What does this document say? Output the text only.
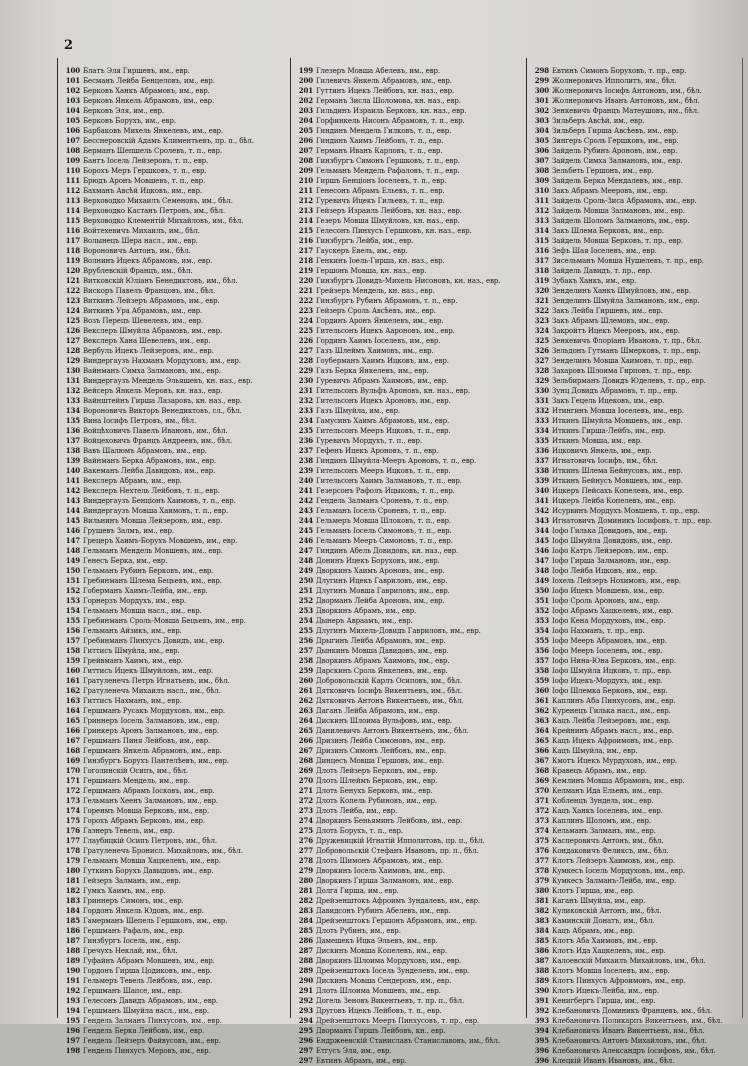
2
100 Блатъ Эля Гиршевъ, им., евр.
101 Бесманъ Лейба Бенцеловъ, им., евр.
102 Берковъ Ханкъ Абрамовъ, им., евр.
103 Берковъ Янкель Абрамовъ, им., евр.
104 Берковъ Эля, им., евр.
105 Берковъ Борухъ, им., евр.
106 Барбаковъ Михель Янкелевъ, им., евр.
107 Бесснеровскій Адамъ Климентьевъ, пр. п., бѣл.
108 Берманъ Шепшель Сролевъ, т. п., евр.
109 Бантъ Іосель Лейзеровъ, т. п., евр.
110 Борохъ Меръ Гершковъ, т. п., евр.
111 Брюдъ Аронъ Мовшевъ, т. п., евр.
112 Бахманъ Авсѣй Ицковъ, им., евр.
113 Верховодко Михаилъ Семеновъ, им., бѣл.
114 Верховодко Кастанъ Петровъ, им., бѣл.
115 Верховодко Клементій Михайловъ, им., бѣл.
116 Войтехевичъ Михаилъ, им., бѣл.
117 Волынецъ Шера насл., им., евр.
118 Вороновичъ Антонъ, им., бѣл.
119 Волнинъ Ицекъ Абрамовъ, им., евр.
120 Врублевскій Францъ, им., бѣл.
121 Витковскій Юліанъ Бенедиктовъ, им., бѣл.
122 Вискоръ Павелъ Францовъ, им., бѣл.
123 Виткинъ Лейзеръ Абрамовъ, им., евр.
124 Виткинъ Ура Абрамовъ, им., евр.
125 Возъ Перецъ Шевелевъ, им., евр.
126 Векслеръ Шмуйла Абрамовъ, им., евр.
127 Векслеръ Хана Шевелевъ, им., евр.
128 Вербуль Ицекъ Лейзеровъ, им., евр.
129 Виндергаузъ Нахманъ Мордуховъ, им., евр.
130 Вайнманъ Симха Залмановъ, им., евр.
131 Виндергаузъ Мендель Эльяшевъ, кн. наз., евр.
132 Вейсеръ Янкель Меровъ, кн. наз., евр.
133 Вайнштейнъ Гирша Лазаровъ, кн. наз., евр.
134 Вороновичъ Викторъ Венедиктовъ, сл., бѣл.
135 Вина Іосифъ Петровъ, им., бѣл.
136 Войцѣховичъ Павелъ Ивановъ, им., бѣл.
137 Войцеховичъ Францъ Андреевъ, им., бѣл.
138 Вавъ Шалюмъ Абрамовъ, им., евр.
139 Вайнманъ Берка Абрамовъ, им., евр.
140 Вакеманъ Лейба Давидовъ, им., евр.
141 Векслеръ Абрамъ, им., евр.
142 Векслеръ Нехтель Лейбовъ, т. п., евр.
143 Виндергаузъ Бенціонъ Хаимовъ, т. п., евр.
144 Виндергаузъ Мовша Хаимовъ, т. п., евр.
145 Вильнинъ Мовша Лейзеровъ, им., евр.
146 Грушевъ Залмъ, им., евр.
147 Грецеръ Хаимъ-Борухъ Мовшевъ, им., евр.
148 Гельманъ Мендель Мовшевъ, им., евр.
149 Генесъ Берка, им., евр.
150 Гельманъ Рубинъ Берковъ, им., евр.
151 Гребинманъ Шлема Бецьевъ, им., евр.
152 Гоберманъ Хаимъ-Лейба, им., евр.
153 Горнерзъ Мордухъ, им., евр.
154 Гельманъ Мовша насл., им., евр.
155 Гребинманъ Сроль-Мовша Бецьевъ, им., евр.
156 Гельманъ Айзикъ, им., евр.
157 Гребинманъ Пинхусъ Довидъ, им., евр.
158 Гиттисъ Шмуйла, им., евр.
159 Грейвманъ Хаимъ, им., евр.
160 Гиттисъ Ицекъ Шмуйловъ, им., евр.
161 Гратуленечъ Петръ Игнатьевъ, им., бѣл.
162 Гратуленечъ Михаилъ насл., им., бѣл.
163 Гиттисъ Нахманъ, им., евр.
164 Гершманъ Русакъ Мордуховъ, им., евр.
165 Гриннеръ Іосель Залмановъ, им., евр.
166 Гринкеръ Аронъ Залмановъ, им., евр.
167 Гершманъ Пиня Лейбовъ, им., евр.
168 Гершманъ Янкель Абрамовъ, им., евр.
169 Гинзбургъ Борухъ Пантелѣевъ, им., евр.
170 Гоголинскій Осипъ, им., бѣл.
171 Гершманъ Мендель, им., евр.
172 Гершманъ Абрамъ Іосковъ, им., евр.
173 Гельманъ Хеенъ Залмановъ, им., евр.
174 Горенмъ Мовша Берковъ, им., евр.
175 Горохъ Абрамъ Берковъ, им., евр.
176 Гаэнеръ Тевель, им., евр.
177 Глаубицкій Осипъ Петровъ, им., бѣл.
178 Гратуленечъ Бронисл. Михайловъ, им., бѣл.
179 Гельманъ Мовша Хацкелевъ, им., евр.
180 Гуткинъ Борухъ Давыдовъ, им., евр.
181 Гейзеръ Залманъ, им., евр.
182 Гумкъ Хаимъ, им., евр.
183 Гриннеръ Симонъ, им., евр.
184 Гордонъ Янкель Юдовъ, им., евр.
185 Гамерманъ Шепель Гершковъ, им., евр.
186 Гершманъ Рафалъ, им., евр.
187 Гинзбургъ Іосель, им., евр.
188 Гречухъ Неклай, им., бѣл.
189 Гуфайнъ Абрамъ Мовшевъ, им., евр.
190 Гордонъ Гирша Цодиковъ, им., евр.
191 Гельмеръ Тевель Лейбовъ, им., евр.
192 Гершманъ Шапсе, им., евр.
193 Гелесонъ Давидъ Абрамовъ, им., евр.
194 Гершманъ Шмуйла насл., им., евр.
195 Гендель Залманъ Пинхусовъ, им., евр.
196 Гендель Берка Лейбовъ, им., евр.
197 Гендель Лейзеръ Файвусовъ, им., евр.
198 Гендель Пинхусъ Меровъ, им., евр.
199 Глезеръ Мовша Абелевъ, им., евр.
200 Гилевичъ Янкель Абрамовъ, им., евр.
201 Гуттинъ Ицекъ Лейбовъ, кн. наз., евр.
202 Германъ Зисла Шоломова, кн. наз., евр.
203 Гильдинъ Израиль Берковъ, кн. наз., евр.
204 Горфинкель Нисонъ Абрамовъ, т. п., евр.
205 Гиндинъ Мендель Гилковъ, т. п., евр.
206 Гиндинъ Хаимъ Лейбовъ, т. п., евр.
207 Германъ Иванъ Карловъ, т. п., евр.
208 Гинзбургъ Симонъ Гершковъ, т. п., евр.
209 Гельманъ Мендель Рафаловъ, т. п., евр.
210 Гиршъ Бенціонъ Іоселевъ, т. п., евр.
211 Генесонъ Абрамъ Ельевъ, т. п., евр.
212 Гуревичъ Ицекъ Гильевъ, т. п., евр.
213 Гейзеръ Израиль Лейбовъ, кн. наз., евр.
214 Гезеръ Мовша Шмуйловъ, кн. наз., евр.
215 Гелесонъ Пинхусъ Гершковъ, кн. наз., евр.
216 Гинзбургъ Лейба, им., евр.
217 Гаускеръ Евель, им., евр.
218 Генкинъ Іоель-Гирша, кн. наз., евр.
219 Гершонъ Мовша, кн. наз., евр.
220 Гинзбургъ Довидъ-Михель Нисоновъ, кн. наз., евр.
221 Грейзеръ Мендель, кн. наз., евр.
222 Гинзбургъ Рубинъ Абрамовъ, т. п., евр.
223 Гейзеръ Сроль Авсѣевъ, им., евр.
224 Гординъ Аронъ Янкелевъ, им., евр.
225 Гительсонъ Ицекъ Аароновъ, им., евр.
226 Гординъ Хаимъ Іоселевъ, им., евр.
227 Газъ Шлеймъ Хаимовъ, им., евр.
228 Гоуберманъ Хаимъ Ицковъ, им., евр.
229 Газъ Берка Янкелевъ, им., евр.
230 Гуревичъ Абрамъ Хаимовъ, им., евр.
231 Гительсонъ Вульфъ Ароновъ, кн. наз., евр.
232 Гительсонъ Ицекъ Ароновъ, им., евр.
233 Газъ Шмуйла, им., евр.
234 Гамусинъ Хаимъ Абрамовъ, им., евр.
235 Гительсонъ Мееръ Ицковъ, т. п., евр.
236 Гуревичъ Мордухъ, т. п., евр.
237 Гефенъ Ицекъ Ароновъ, т. п., евр.
238 Гиндинъ Шмуйла-Мееръ Ароновъ, т. п., евр.
239 Гительсонъ Мееръ Ицковъ, т. п., евр.
240 Гительсонъ Хаимъ Залмановъ, т. п., евр.
241 Гезерсонъ Рафолъ Ицыковъ, т. п., евр.
242 Гендель Залманъ Сроневъ, т. п., евр.
243 Гельманъ Іосель Сроневъ, т. п., евр.
244 Гельмеръ Мовша Шлоковъ, т. п., евр.
245 Гельманъ Іосель Симоновъ, т. п., евр.
246 Гельманъ Мееръ Симоновъ, т. п., евр.
247 Гиндинъ Абель Довидовъ, кн. наз., евр.
248 Донинъ Ицекъ Боруховъ, им., евр.
249 Дворкинъ Хаимъ Ароновъ, им., евр.
250 Длугинъ Ицекъ Гавриловъ, им., евр.
251 Длугинъ Мовша Гавриловъ, им., евр.
252 Дворманъ Лейба Ароновъ, им., евр.
253 Дворкинъ Абрамъ, им., евр.
254 Дынеръ Авраамъ, им., евр.
255 Длугинъ Михель-Довидъ Гавриловъ, им., евр.
256 Дрыгинъ Лейба Абрамовъ, им., евр.
257 Дынкинъ Мовша Давидовъ, им., евр.
258 Дворкинъ Абрамъ Хаимовъ, им., евр.
259 Дарскинъ Сроль Янкелевъ, им., евр.
260 Добровольскій Карлъ Осиповъ, им., бѣл.
261 Дятковичъ Іосифъ Викентьевъ, им., бѣл.
262 Дятковичъ Антонъ Викентьевъ, им., бѣл.
263 Даганъ Лейба Абрамовъ, им., евр.
264 Дискинъ Шлоима Вульфовъ, им., евр.
265 Данилевичъ Антонъ Викентьевъ, им., бѣл.
266 Дризинъ Лейба Симоновъ, им., евр.
267 Дризинъ Симонъ Лейбовъ, им., евр.
268 Динцесъ Мовша Гершовъ, им., евр.
269 Длоть Лейзеръ Берковъ, им., евр.
270 Длоть Шлеймъ Берковъ, им., евр.
271 Длоть Бенухъ Берковъ, им., евр.
272 Длоть Копель Рубиновъ, им., евр.
273 Длоть Лейба, им., евр.
274 Дворкинъ Беньяминъ Лейбовъ, им., евр.
275 Длоть Борухъ, т. п., евр.
276 Дружевицкій Игнатій Ипполитовъ, пр. п., бѣл.
277 Добровольскій Стефанъ Ивановъ, пр. п., бѣл.
278 Длоть Шимонъ Абрамовъ, им., евр.
279 Дворкинъ Іосель Хаимовъ, им., евр.
280 Дворкинъ Гирша Залмановъ, им., евр.
281 Долга Гирша, им., евр.
282 Дрейзенштокъ Афроимъ Зундалевъ, им., евр.
283 Давидсонъ Рубинъ Абелевъ, им., евр.
284 Дрейзенштокъ Гершонъ Абрамовъ, им., евр.
285 Длоть Рубинъ, им., евр.
286 Дамешекъ Ицка Эльевъ, им., евр.
287 Дискинъ Мовша Копелевъ, им., евр.
288 Дворкинъ Шлоима Мордуховъ, им., евр.
289 Дрейзенштокъ Іосель Зунделевъ, им., евр.
290 Дискинъ Мовша Сендеровъ, им., евр.
291 Длоть Шлоима Мовшевъ, им., евр.
292 Догель Зеновъ Викентьевъ, т. пр. п., бѣл.
293 Друговъ Ицекъ Лейбовъ, т. п., евр.
294 Дрейзенштокъ Мееръ Пинхусовъ, т. пр., евр.
295 Дворманъ Гиршъ Лейбовъ, кн., евр.
296 Ендржеевскій Станиславъ Станиславовъ, им., бѣл.
297 Етгусъ Эля, им., евр.
297 Евтинъ Абрамъ, им., евр.
298 Евтинъ Симонъ Боруховъ, т. пр., евр.
299 Жолнеровичъ Ипполитъ, им., бѣл.
300 Жолнеровичъ Іосифъ Антоновъ, им., бѣл.
301 Жолнеровичъ Иванъ Антоновъ, им., бѣл.
302 Зенкевичъ Францъ Матеушовъ, им., бѣл.
303 Зильберъ Авсѣй, им., евр.
304 Зильберъ Гирша Авсѣевъ, им., евр.
305 Зингеръ Сроль Гершковъ, им., евр.
306 Зайдель Рубинъ Ароновъ, им., евр.
307 Зайдель Симха Залмановъ, им., евр.
308 Зельбеть Гершонъ, им., евр.
309 Зайдель Берка Мендалевъ, им., евр.
310 Закъ Абрамъ Мееровъ, им., евр.
311 Зайдель Сроль-Зиса Абрамовъ, им., евр.
312 Зайдель Мовша Залмановъ, им., евр.
313 Зайдель Шоломъ Залмановъ, им., евр.
314 Закъ Шлема Берковъ, им., евр.
315 Зайдель Мовша Берковъ, т. пр., евр.
316 Зефъ Шая Іоселевъ, им., евр.
317 Зисельманъ Мовша Нушелевъ, т. пр., евр.
318 Зайдель Давидъ, т. пр., евр.
319 Зубакъ Ханкъ, им., евр.
320 Зенделинъ Ханкъ Шмуйловъ, им., евр.
321 Зенделинъ Шмуйла Залмановъ, им., евр.
322 Закъ Лейба Гиршевъ, им., евр.
323 Закъ Абрамъ Шлемовъ, им., евр.
324 Закройтъ Ицекъ Мееровъ, им., евр.
325 Зенкевичъ Флоріанъ Ивановъ, т. пр., бѣл.
326 Зельдонъ Гутманъ Шмерковъ, т. пр., евр.
327 Зенделинъ Мовша Хаимовъ, т. пр., евр.
328 Захаровъ Шлоима Гирповъ, т. пр., евр.
329 Зельбирманъ Довидъ Юделевъ, т. пр., евр.
330 Зунц Довидъ Абрамовъ, т. пр., евр.
331 Закъ Гецель Ицековъ, им., евр.
332 Итингинъ Мовша Іоселевъ, им., евр.
333 Иткинъ Шмуйла Мовшевъ, им., евр.
334 Иткинъ Гирша-Лейбъ, им., евр.
335 Иткинъ Мовша, им., евр.
336 Ицковичъ Янкель, им., евр.
337 Игнатовичъ Іосифъ, им., бѣл.
338 Иткинъ Шлема Бейнусовъ, им., евр.
339 Иткинъ Бейнусъ Мовшевъ, им., евр.
340 Ицкеръ Пейсахъ Копелевъ, им., евр.
341 Ицкеръ Лейба Копелевъ, им., евр.
342 Исурвинъ Мордухъ Мовшевъ, т. пр., евр.
343 Игнатовичъ Доминикъ Іосифовъ, т. пр., евр.
344 Іофо Гилька Довидовъ, им., евр.
345 Іофо Шмуйла Довидовъ, им., евр.
346 Іофо Катръ Лейзеровъ, им., евр.
347 Іофо Гирша Залмановъ, им., евр.
348 Іофо Лейба Ицковъ, им., евр.
349 Іохель Лейзеръ Нохимовъ, им., евр.
350 Іофо Ицекъ Мовшевъ, им., евр.
351 Іофо Сроль Ароновъ, им., евр.
352 Іофо Абрамъ Хацкелевъ, им., евр.
353 Іофо Кена Мордуховъ, им., евр.
354 Іофо Нахманъ, т. пр., евр.
355 Іофо Мееръ Абрамовъ, им., евр.
356 Іофо Мееръ Іоселевъ, им., евр.
357 Іофо Нина-Юна Берковъ, им., евр.
358 Іофо Шмуйла Ицковъ, т. пр., евр.
359 Іофо Ицекъ-Мордухъ, им., евр.
360 Іофо Шлемка Берковъ, им., евр.
361 Каплинъ Аба Пинхусовъ, им., евр.
362 Куренецъ Гилька насл., им., евр.
363 Кацъ Лейба Лейзеровъ, им., евр.
364 Крейнинъ Абрамъ насл., им., евр.
365 Кацъ Ицекъ Афроимовъ, им., евр.
366 Кацъ Шмуйла, им., евр.
367 Кмотъ Ицекъ Мурдуховъ, им., евр.
368 Кравецъ Абрамъ, им., евр.
369 Кемлинъ Мовша Абрамовъ, им., евр.
370 Келманъ Ида Ельевъ, им., евр.
371 Кобленцъ Зундель, им., евр.
372 Кацъ Ханкъ Іоселевъ, им., евр.
373 Каплинъ Шоломъ, им., евр.
374 Кельманъ Залманъ, им., евр.
375 Касперовичъ Антонъ, им., бѣл.
376 Кондаковичъ Феликсъ, им., бѣл.
377 Клотъ Лейзеръ Хаимовъ, им., евр.
378 Кумкесъ Іосель Мордуховъ, им., евр.
379 Кумкесъ Залманъ-Лейба, им., евр.
380 Клотъ Гирша, им., евр.
381 Каганъ Шмуйла, им., евр.
382 Куликовскій Антонъ, им., бѣл.
383 Каминскій Донатъ, им., бѣл.
384 Кацъ Абрамъ, им., евр.
385 Клотъ Аба Хаимовъ, им., евр.
386 Клотъ Ида Хацкелевъ, им., евр.
387 Калоевскій Михаилъ Михайловъ, им., бѣл.
388 Клотъ Мовша Іоселевъ, им., евр.
389 Клотъ Пинхусъ Афроимовъ, им., евр.
390 Клотъ Ицекъ-Лейба, им., евр.
391 Кенигбергъ Гирша, им., евр.
392 Клебановичъ Доминикъ Францевъ, им., бѣл.
393 Клебановичъ Поликарпъ Викентьевъ, им., бѣл.
394 Клебановичъ Иванъ Викентьевъ, им., бѣл.
395 Клебановичъ Антонъ Михайловъ, им., бѣл.
396 Клебановичъ Александръ Іосифовъ, им., бѣл.
396 Клецкій Иванъ Ивановъ, им., бѣл.
